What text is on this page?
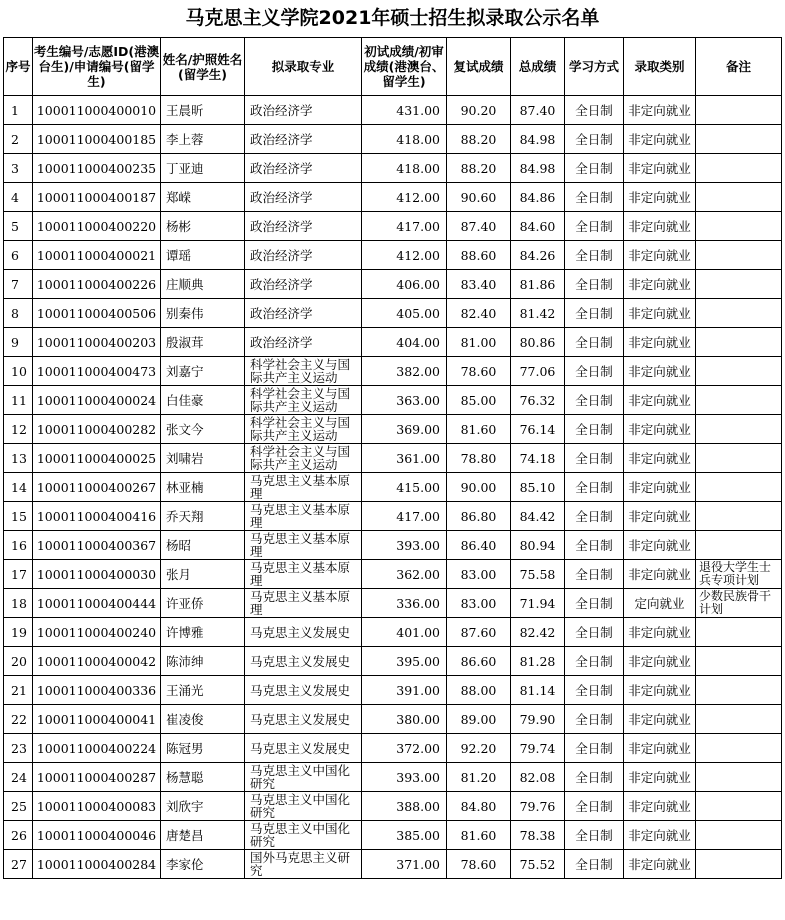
马克思主义学院2021年硕士招生拟录取公示名单
序号	考生编号/志愿ID(港澳台生)/申请编号(留学生)	姓名/护照姓名(留学生)	拟录取专业	初试成绩/初审成绩(港澳台、留学生)	复试成绩	总成绩	学习方式	录取类别	备注
1	100011000400010	王晨昕	政治经济学	431.00	90.20	87.40	全日制	非定向就业	
2	100011000400185	李上蓉	政治经济学	418.00	88.20	84.98	全日制	非定向就业	
3	100011000400235	丁亚迪	政治经济学	418.00	88.20	84.98	全日制	非定向就业	
4	100011000400187	郑嵘	政治经济学	412.00	90.60	84.86	全日制	非定向就业	
5	100011000400220	杨彬	政治经济学	417.00	87.40	84.60	全日制	非定向就业	
6	100011000400021	谭瑶	政治经济学	412.00	88.60	84.26	全日制	非定向就业	
7	100011000400226	庄顺典	政治经济学	406.00	83.40	81.86	全日制	非定向就业	
8	100011000400506	别秦伟	政治经济学	405.00	82.40	81.42	全日制	非定向就业	
9	100011000400203	殷淑茸	政治经济学	404.00	81.00	80.86	全日制	非定向就业	
10	100011000400473	刘嘉宁	科学社会主义与国际共产主义运动	382.00	78.60	77.06	全日制	非定向就业	
11	100011000400024	白佳豪	科学社会主义与国际共产主义运动	363.00	85.00	76.32	全日制	非定向就业	
12	100011000400282	张文今	科学社会主义与国际共产主义运动	369.00	81.60	76.14	全日制	非定向就业	
13	100011000400025	刘啸岩	科学社会主义与国际共产主义运动	361.00	78.80	74.18	全日制	非定向就业	
14	100011000400267	林亚楠	马克思主义基本原理	415.00	90.00	85.10	全日制	非定向就业	
15	100011000400416	乔天翔	马克思主义基本原理	417.00	86.80	84.42	全日制	非定向就业	
16	100011000400367	杨昭	马克思主义基本原理	393.00	86.40	80.94	全日制	非定向就业	
17	100011000400030	张月	马克思主义基本原理	362.00	83.00	75.58	全日制	非定向就业	退役大学生士兵专项计划
18	100011000400444	许亚侨	马克思主义基本原理	336.00	83.00	71.94	全日制	定向就业	少数民族骨干计划
19	100011000400240	许博雅	马克思主义发展史	401.00	87.60	82.42	全日制	非定向就业	
20	100011000400042	陈沛绅	马克思主义发展史	395.00	86.60	81.28	全日制	非定向就业	
21	100011000400336	王涌光	马克思主义发展史	391.00	88.00	81.14	全日制	非定向就业	
22	100011000400041	崔凌俊	马克思主义发展史	380.00	89.00	79.90	全日制	非定向就业	
23	100011000400224	陈冠男	马克思主义发展史	372.00	92.20	79.74	全日制	非定向就业	
24	100011000400287	杨慧聪	马克思主义中国化研究	393.00	81.20	82.08	全日制	非定向就业	
25	100011000400083	刘欣宇	马克思主义中国化研究	388.00	84.80	79.76	全日制	非定向就业	
26	100011000400046	唐楚昌	马克思主义中国化研究	385.00	81.60	78.38	全日制	非定向就业	
27	100011000400284	李家伦	国外马克思主义研究	371.00	78.60	75.52	全日制	非定向就业	
